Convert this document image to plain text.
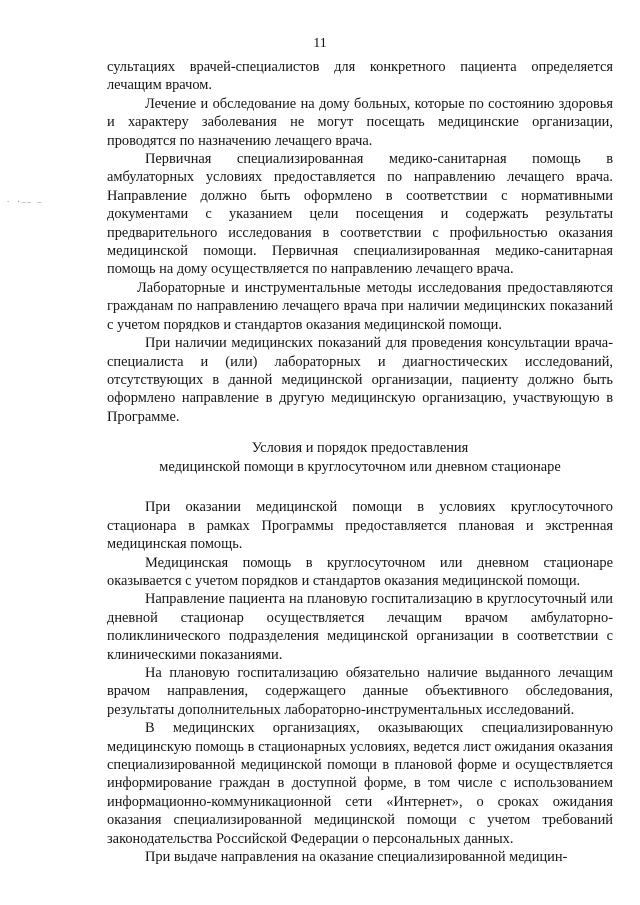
11
· ·—— —

сультациях врачей-специалистов для конкретного пациента определяется лечащим врачом.

Лечение и обследование на дому больных, которые по состоянию здоровья и характеру заболевания не могут посещать медицинские организации, проводятся по назначению лечащего врача.

Первичная специализированная медико-санитарная помощь в амбулаторных условиях предоставляется по направлению лечащего врача. Направление должно быть оформлено в соответствии с нормативными документами с указанием цели посещения и содержать результаты предварительного исследования в соответствии с профильностью оказания медицинской помощи. Первичная специализированная медико-санитарная помощь на дому осуществляется по направлению лечащего врача.

Лабораторные и инструментальные методы исследования предоставляются гражданам по направлению лечащего врача при наличии медицинских показаний с учетом порядков и стандартов оказания медицинской помощи.

При наличии медицинских показаний для проведения консультации врача-специалиста и (или) лабораторных и диагностических исследований, отсутствующих в данной медицинской организации, пациенту должно быть оформлено направление в другую медицинскую организацию, участвующую в Программе.

Условия и порядок предоставления

медицинской помощи в круглосуточном или дневном стационаре

При оказании медицинской помощи в условиях круглосуточного стационара в рамках Программы предоставляется плановая и экстренная медицинская помощь.

Медицинская помощь в круглосуточном или дневном стационаре оказывается с учетом порядков и стандартов оказания медицинской помощи.

Направление пациента на плановую госпитализацию в круглосуточный или дневной стационар осуществляется лечащим врачом амбулаторно-поликлинического подразделения медицинской организации в соответствии с клиническими показаниями.

На плановую госпитализацию обязательно наличие выданного лечащим врачом направления, содержащего данные объективного обследования, результаты дополнительных лабораторно-инструментальных исследований.

В медицинских организациях, оказывающих специализированную медицинскую помощь в стационарных условиях, ведется лист ожидания оказания специализированной медицинской помощи в плановой форме и осуществляется информирование граждан в доступной форме, в том числе с использованием информационно-коммуникационной сети «Интернет», о сроках ожидания оказания специализированной медицинской помощи с учетом требований законодательства Российской Федерации о персональных данных.

При выдаче направления на оказание специализированной медицин-
